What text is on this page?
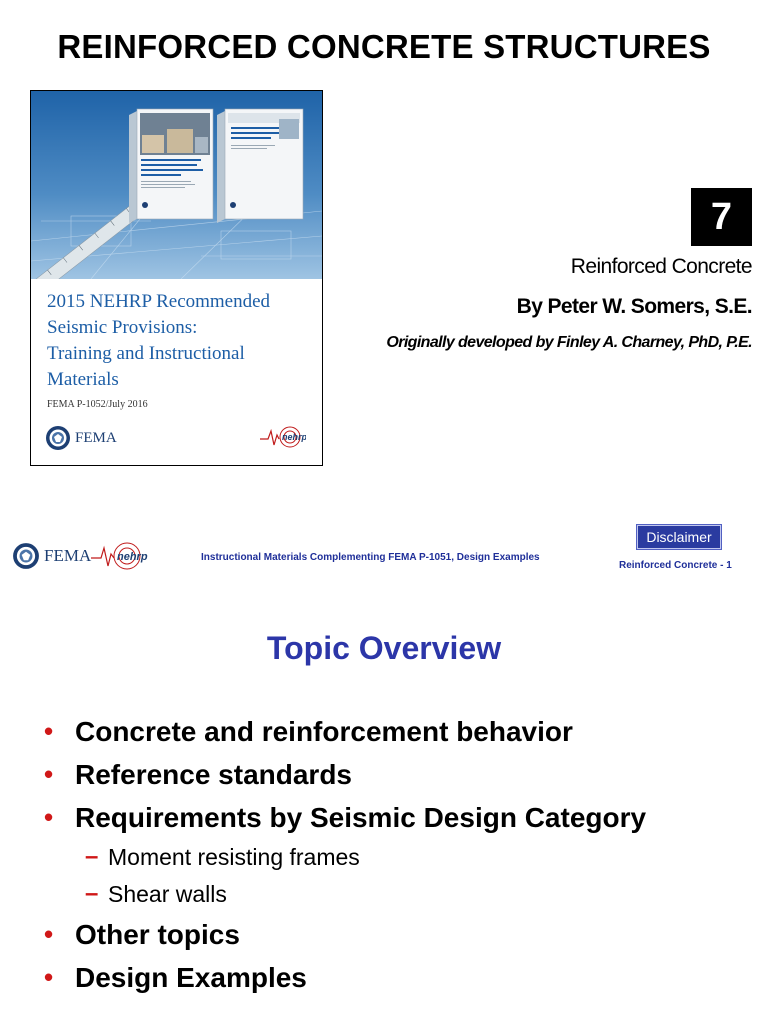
REINFORCED CONCRETE STRUCTURES
2015 NEHRP Recommended
Seismic Provisions:
Training and Instructional
Materials
FEMA P-1052/July 2016
FEMA	nehrp
7
Reinforced Concrete
By Peter W. Somers, S.E.
Originally developed by Finley A. Charney, PhD, P.E.
FEMA nehrp	Instructional Materials Complementing FEMA P-1051, Design Examples
Disclaimer
Reinforced Concrete - 1
Topic Overview
• Concrete and reinforcement behavior
• Reference standards
• Requirements by Seismic Design Category
– Moment resisting frames
– Shear walls
• Other topics
• Design Examples
